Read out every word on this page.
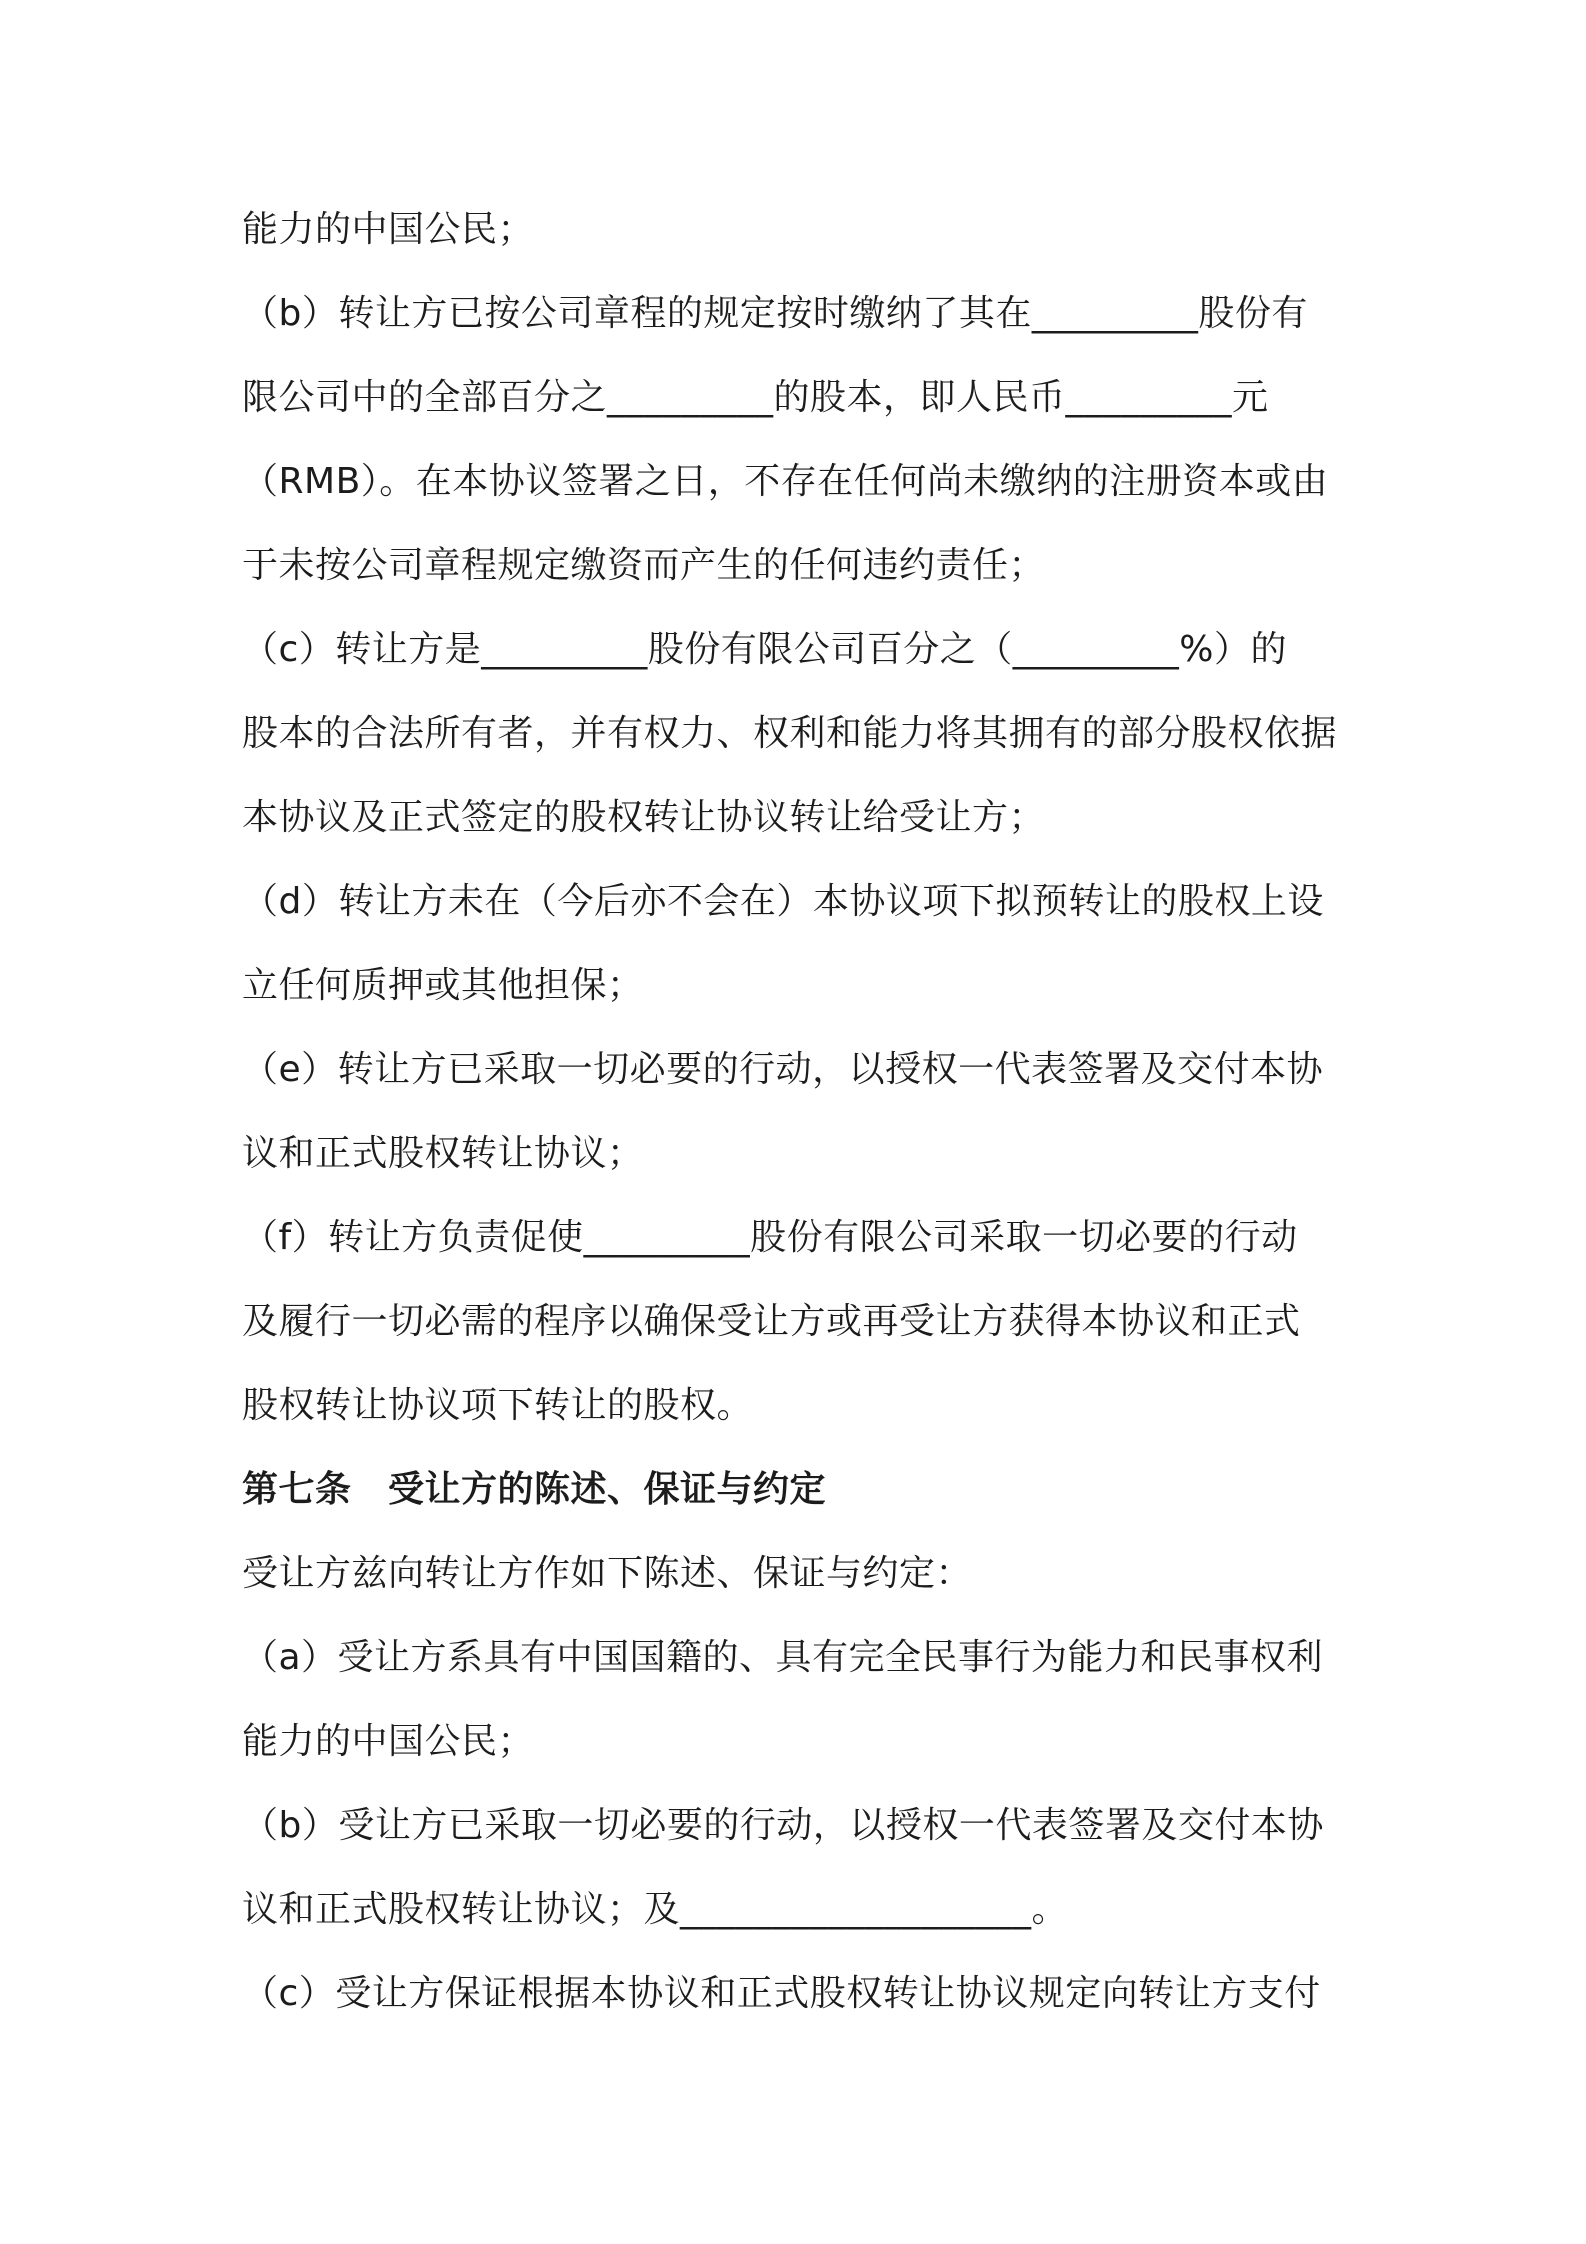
能力的中国公民；
（b）转让方已按公司章程的规定按时缴纳了其在_________股份有
限公司中的全部百分之_________的股本，即人民币_________元
（RMB）。在本协议签署之日，不存在任何尚未缴纳的注册资本或由
于未按公司章程规定缴资而产生的任何违约责任；
（c）转让方是_________股份有限公司百分之（_________%）的
股本的合法所有者，并有权力、权利和能力将其拥有的部分股权依据
本协议及正式签定的股权转让协议转让给受让方；
（d）转让方未在（今后亦不会在）本协议项下拟预转让的股权上设
立任何质押或其他担保；
（e）转让方已采取一切必要的行动，以授权一代表签署及交付本协
议和正式股权转让协议；
（f）转让方负责促使_________股份有限公司采取一切必要的行动
及履行一切必需的程序以确保受让方或再受让方获得本协议和正式
股权转让协议项下转让的股权。
第七条　受让方的陈述、保证与约定
受让方兹向转让方作如下陈述、保证与约定：
（a）受让方系具有中国国籍的、具有完全民事行为能力和民事权利
能力的中国公民；
（b）受让方已采取一切必要的行动，以授权一代表签署及交付本协
议和正式股权转让协议；及___________________。
（c）受让方保证根据本协议和正式股权转让协议规定向转让方支付
